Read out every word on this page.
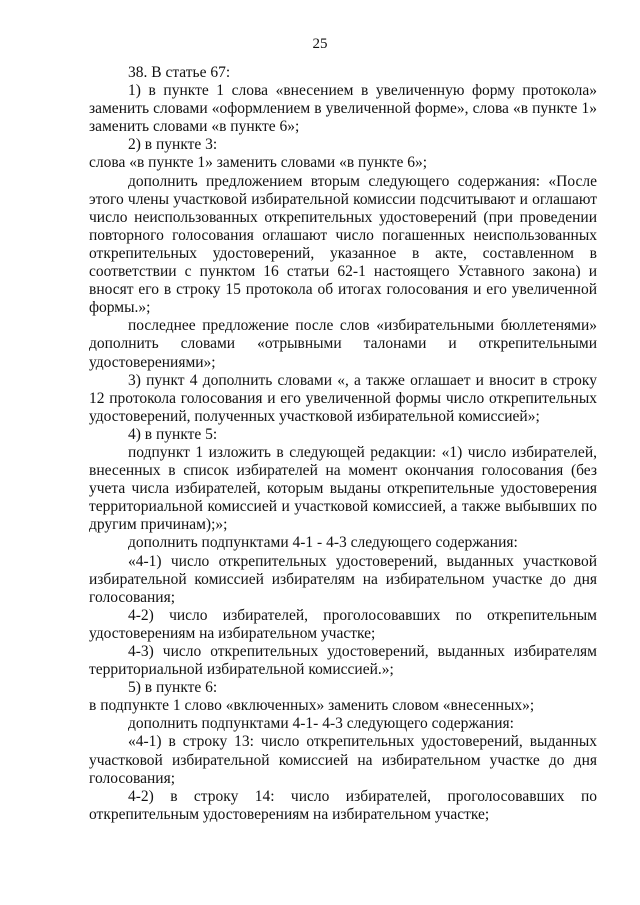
25

38. В статье 67:

1) в пункте 1 слова «внесением в увеличенную форму протокола» заменить словами «оформлением в увеличенной форме», слова «в пункте 1» заменить словами «в пункте 6»;

2) в пункте 3:

слова «в пункте 1» заменить словами «в пункте 6»;

дополнить предложением вторым следующего содержания: «После этого члены участковой избирательной комиссии подсчитывают и оглашают число неиспользованных открепительных удостоверений (при проведении повторного голосования оглашают число погашенных неиспользованных открепительных удостоверений, указанное в акте, составленном в соответствии с пунктом 16 статьи 62-1 настоящего Уставного закона) и вносят его в строку 15 протокола об итогах голосования и его увеличенной формы.»;

последнее предложение после слов «избирательными бюллетенями» дополнить словами «отрывными талонами и открепительными удостоверениями»;

3) пункт 4 дополнить словами «, а также оглашает и вносит в строку 12 протокола голосования и его увеличенной формы число открепительных удостоверений, полученных участковой избирательной комиссией»;

4) в пункте 5:

подпункт 1 изложить в следующей редакции: «1) число избирателей, внесенных в список избирателей на момент окончания голосования (без учета числа избирателей, которым выданы открепительные удостоверения территориальной комиссией и участковой комиссией, а также выбывших по другим причинам);»;

дополнить подпунктами 4-1 - 4-3 следующего содержания:

«4-1) число открепительных удостоверений, выданных участковой избирательной комиссией избирателям на избирательном участке до дня голосования;

4-2) число избирателей, проголосовавших по открепительным удостоверениям на избирательном участке;

4-3) число открепительных удостоверений, выданных избирателям территориальной избирательной комиссией.»;

5) в пункте 6:

в подпункте 1 слово «включенных» заменить словом «внесенных»;

дополнить подпунктами 4-1- 4-3 следующего содержания:

«4-1) в строку 13: число открепительных удостоверений, выданных участковой избирательной комиссией на избирательном участке до дня голосования;

4-2) в строку 14: число избирателей, проголосовавших по открепительным удостоверениям на избирательном участке;
